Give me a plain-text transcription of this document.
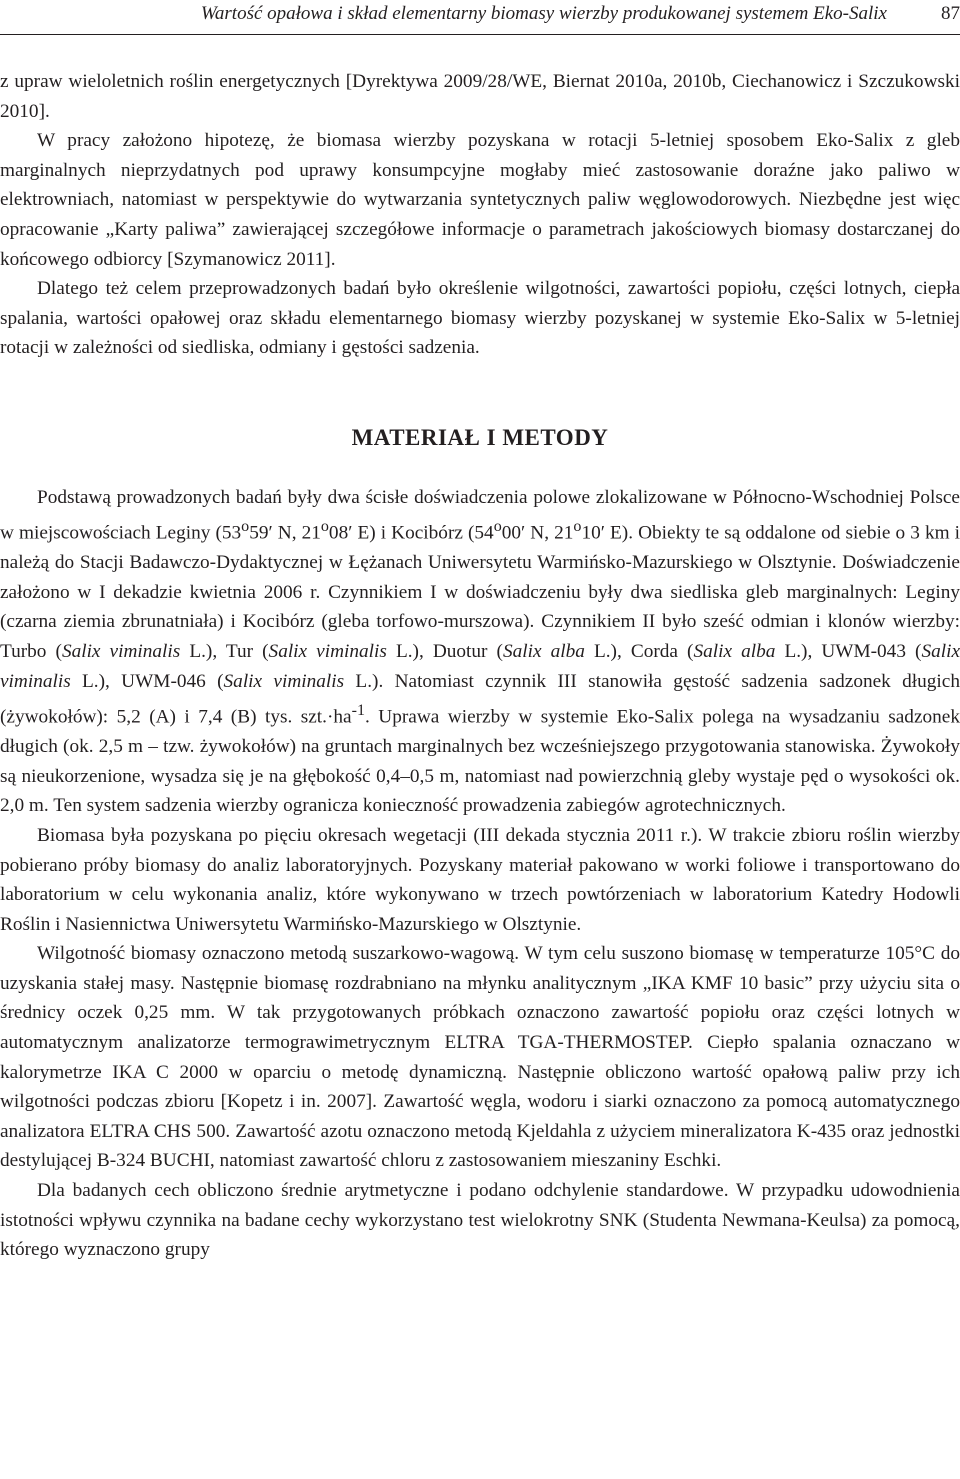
Wartość opałowa i skład elementarny biomasy wierzby produkowanej systemem Eko-Salix	87

z upraw wieloletnich roślin energetycznych [Dyrektywa 2009/28/WE, Biernat 2010a, 2010b, Ciechanowicz i Szczukowski 2010].

W pracy założono hipotezę, że biomasa wierzby pozyskana w rotacji 5-letniej sposobem Eko-Salix z gleb marginalnych nieprzydatnych pod uprawy konsumpcyjne mogłaby mieć zastosowanie doraźne jako paliwo w elektrowniach, natomiast w perspektywie do wytwarzania syntetycznych paliw węglowodorowych. Niezbędne jest więc opracowanie „Karty paliwa” zawierającej szczegółowe informacje o parametrach jakościowych biomasy dostarczanej do końcowego odbiorcy [Szymanowicz 2011].

Dlatego też celem przeprowadzonych badań było określenie wilgotności, zawartości popiołu, części lotnych, ciepła spalania, wartości opałowej oraz składu elementarnego biomasy wierzby pozyskanej w systemie Eko-Salix w 5-letniej rotacji w zależności od siedliska, odmiany i gęstości sadzenia.

MATERIAŁ I METODY

Podstawą prowadzonych badań były dwa ścisłe doświadczenia polowe zlokalizowane w Północno-Wschodniej Polsce w miejscowościach Leginy (53$^o$59′ N, 21$^o$08′ E) i Kocibórz (54$^o$00′ N, 21$^o$10′ E). Obiekty te są oddalone od siebie o 3 km i należą do Stacji Badawczo-Dydaktycznej w Łężanach Uniwersytetu Warmińsko-Mazurskiego w Olsztynie. Doświadczenie założono w I dekadzie kwietnia 2006 r. Czynnikiem I w doświadczeniu były dwa siedliska gleb marginalnych: Leginy (czarna ziemia zbrunatniała) i Kocibórz (gleba torfowo-murszowa). Czynnikiem II było sześć odmian i klonów wierzby: Turbo (Salix viminalis L.), Tur (Salix viminalis L.), Duotur (Salix alba L.), Corda (Salix alba L.), UWM-043 (Salix viminalis L.), UWM-046 (Salix viminalis L.). Natomiast czynnik III stanowiła gęstość sadzenia sadzonek długich (żywokołów): 5,2 (A) i 7,4 (B) tys. $szt.\cdot ha^{-1}$. Uprawa wierzby w systemie Eko-Salix polega na wysadzaniu sadzonek długich (ok. 2,5 m – tzw. żywokołów) na gruntach marginalnych bez wcześniejszego przygotowania stanowiska. Żywokoły są nieukorzenione, wysadza się je na głębokość 0,4–0,5 m, natomiast nad powierzchnią gleby wystaje pęd o wysokości ok. 2,0 m. Ten system sadzenia wierzby ogranicza konieczność prowadzenia zabiegów agrotechnicznych.

Biomasa była pozyskana po pięciu okresach wegetacji (III dekada stycznia 2011 r.). W trakcie zbioru roślin wierzby pobierano próby biomasy do analiz laboratoryjnych. Pozyskany materiał pakowano w worki foliowe i transportowano do laboratorium w celu wykonania analiz, które wykonywano w trzech powtórzeniach w laboratorium Katedry Hodowli Roślin i Nasiennictwa Uniwersytetu Warmińsko-Mazurskiego w Olsztynie.

Wilgotność biomasy oznaczono metodą suszarkowo-wagową. W tym celu suszono biomasę w temperaturze 105°C do uzyskania stałej masy. Następnie biomasę rozdrabniano na młynku analitycznym „IKA KMF 10 basic” przy użyciu sita o średnicy oczek 0,25 mm. W tak przygotowanych próbkach oznaczono zawartość popiołu oraz części lotnych w automatycznym analizatorze termograwimetrycznym ELTRA TGA-THERMOSTEP. Ciepło spalania oznaczano w kalorymetrze IKA C 2000 w oparciu o metodę dynamiczną. Następnie obliczono wartość opałową paliw przy ich wilgotności podczas zbioru [Kopetz i in. 2007]. Zawartość węgla, wodoru i siarki oznaczono za pomocą automatycznego analizatora ELTRA CHS 500. Zawartość azotu oznaczono metodą Kjeldahla z użyciem mineralizatora K-435 oraz jednostki destylującej B-324 BUCHI, natomiast zawartość chloru z zastosowaniem mieszaniny Eschki.

Dla badanych cech obliczono średnie arytmetyczne i podano odchylenie standardowe. W przypadku udowodnienia istotności wpływu czynnika na badane cechy wykorzystano test wielokrotny SNK (Studenta Newmana-Keulsa) za pomocą, którego wyznaczono grupy
